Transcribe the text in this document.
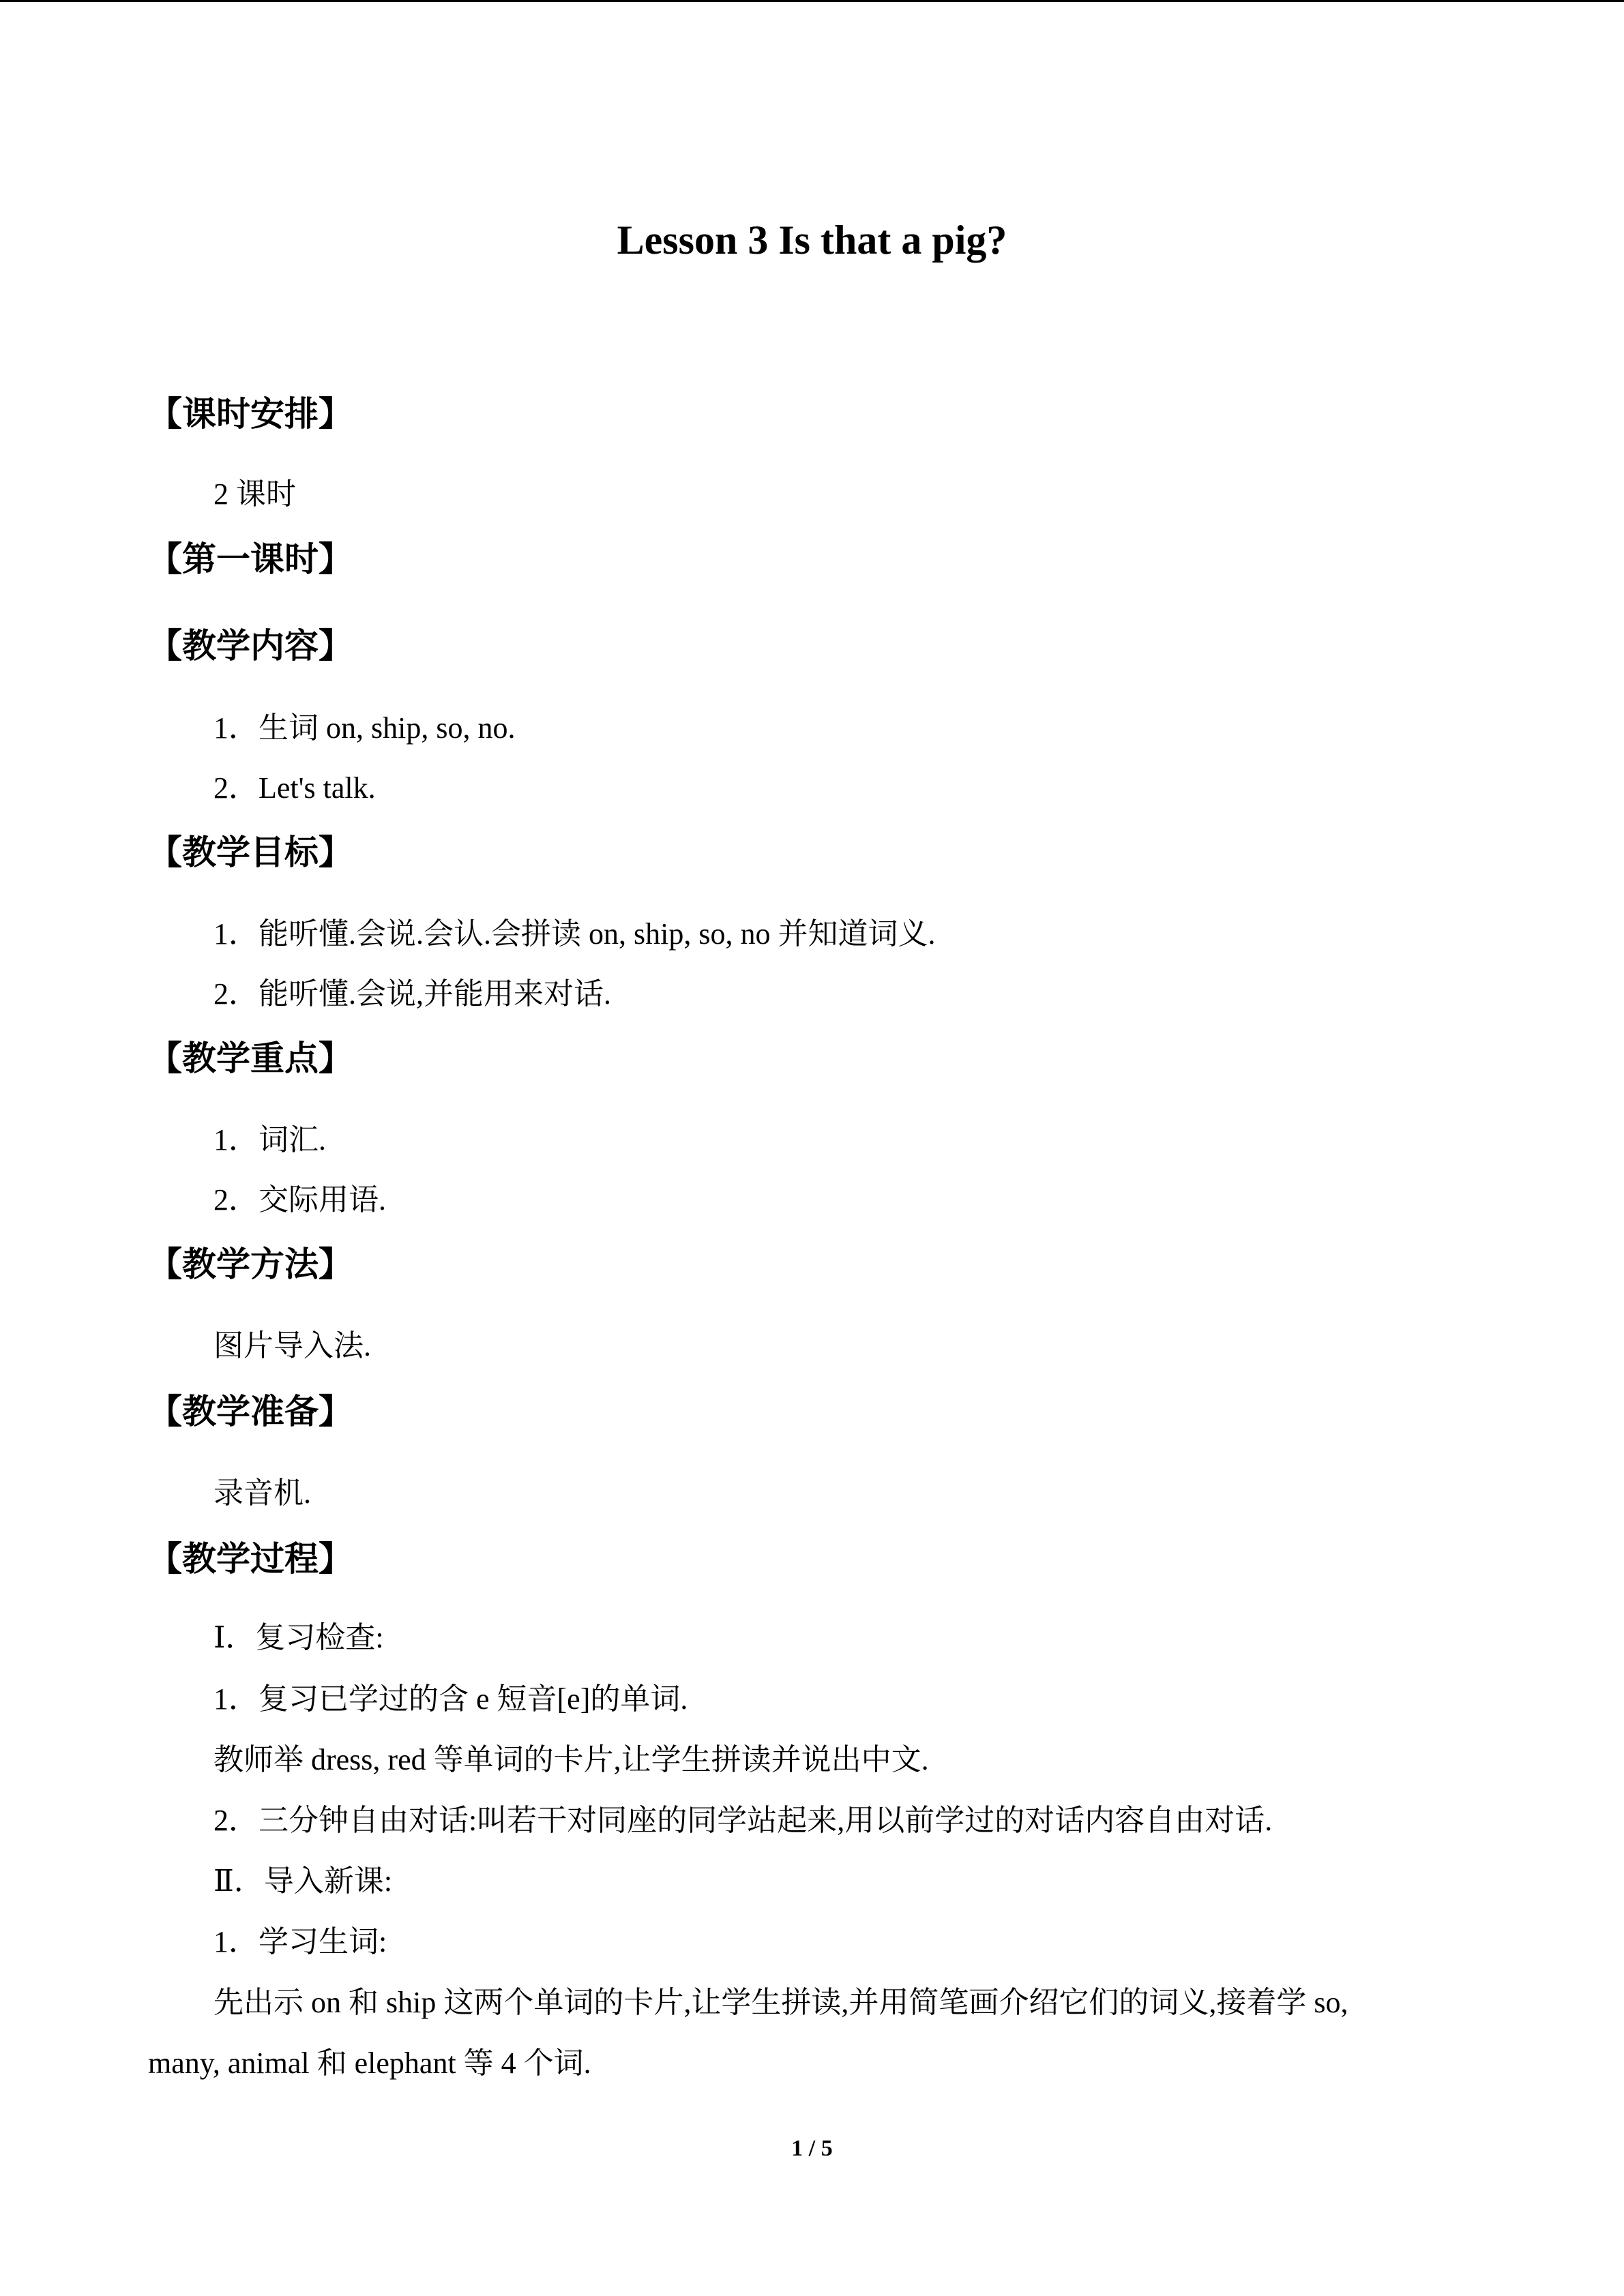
Lesson 3 Is that a pig?
【课时安排】

2 课时

【第一课时】
【教学内容】

1．生词 on, ship, so, no.

2．Let's talk.

【教学目标】

1．能听懂.会说.会认.会拼读 on, ship, so, no 并知道词义.

2．能听懂.会说,并能用来对话.

【教学重点】

1．词汇.

2．交际用语.

【教学方法】

图片导入法.

【教学准备】

录音机.

【教学过程】

Ⅰ．复习检查:

1．复习已学过的含 e 短音[e]的单词.

教师举 dress, red 等单词的卡片,让学生拼读并说出中文.

2．三分钟自由对话:叫若干对同座的同学站起来,用以前学过的对话内容自由对话.

Ⅱ．导入新课:

1．学习生词:

先出示 on 和 ship 这两个单词的卡片,让学生拼读,并用简笔画介绍它们的词义,接着学 so,

many, animal 和 elephant 等 4 个词.

1 / 5
